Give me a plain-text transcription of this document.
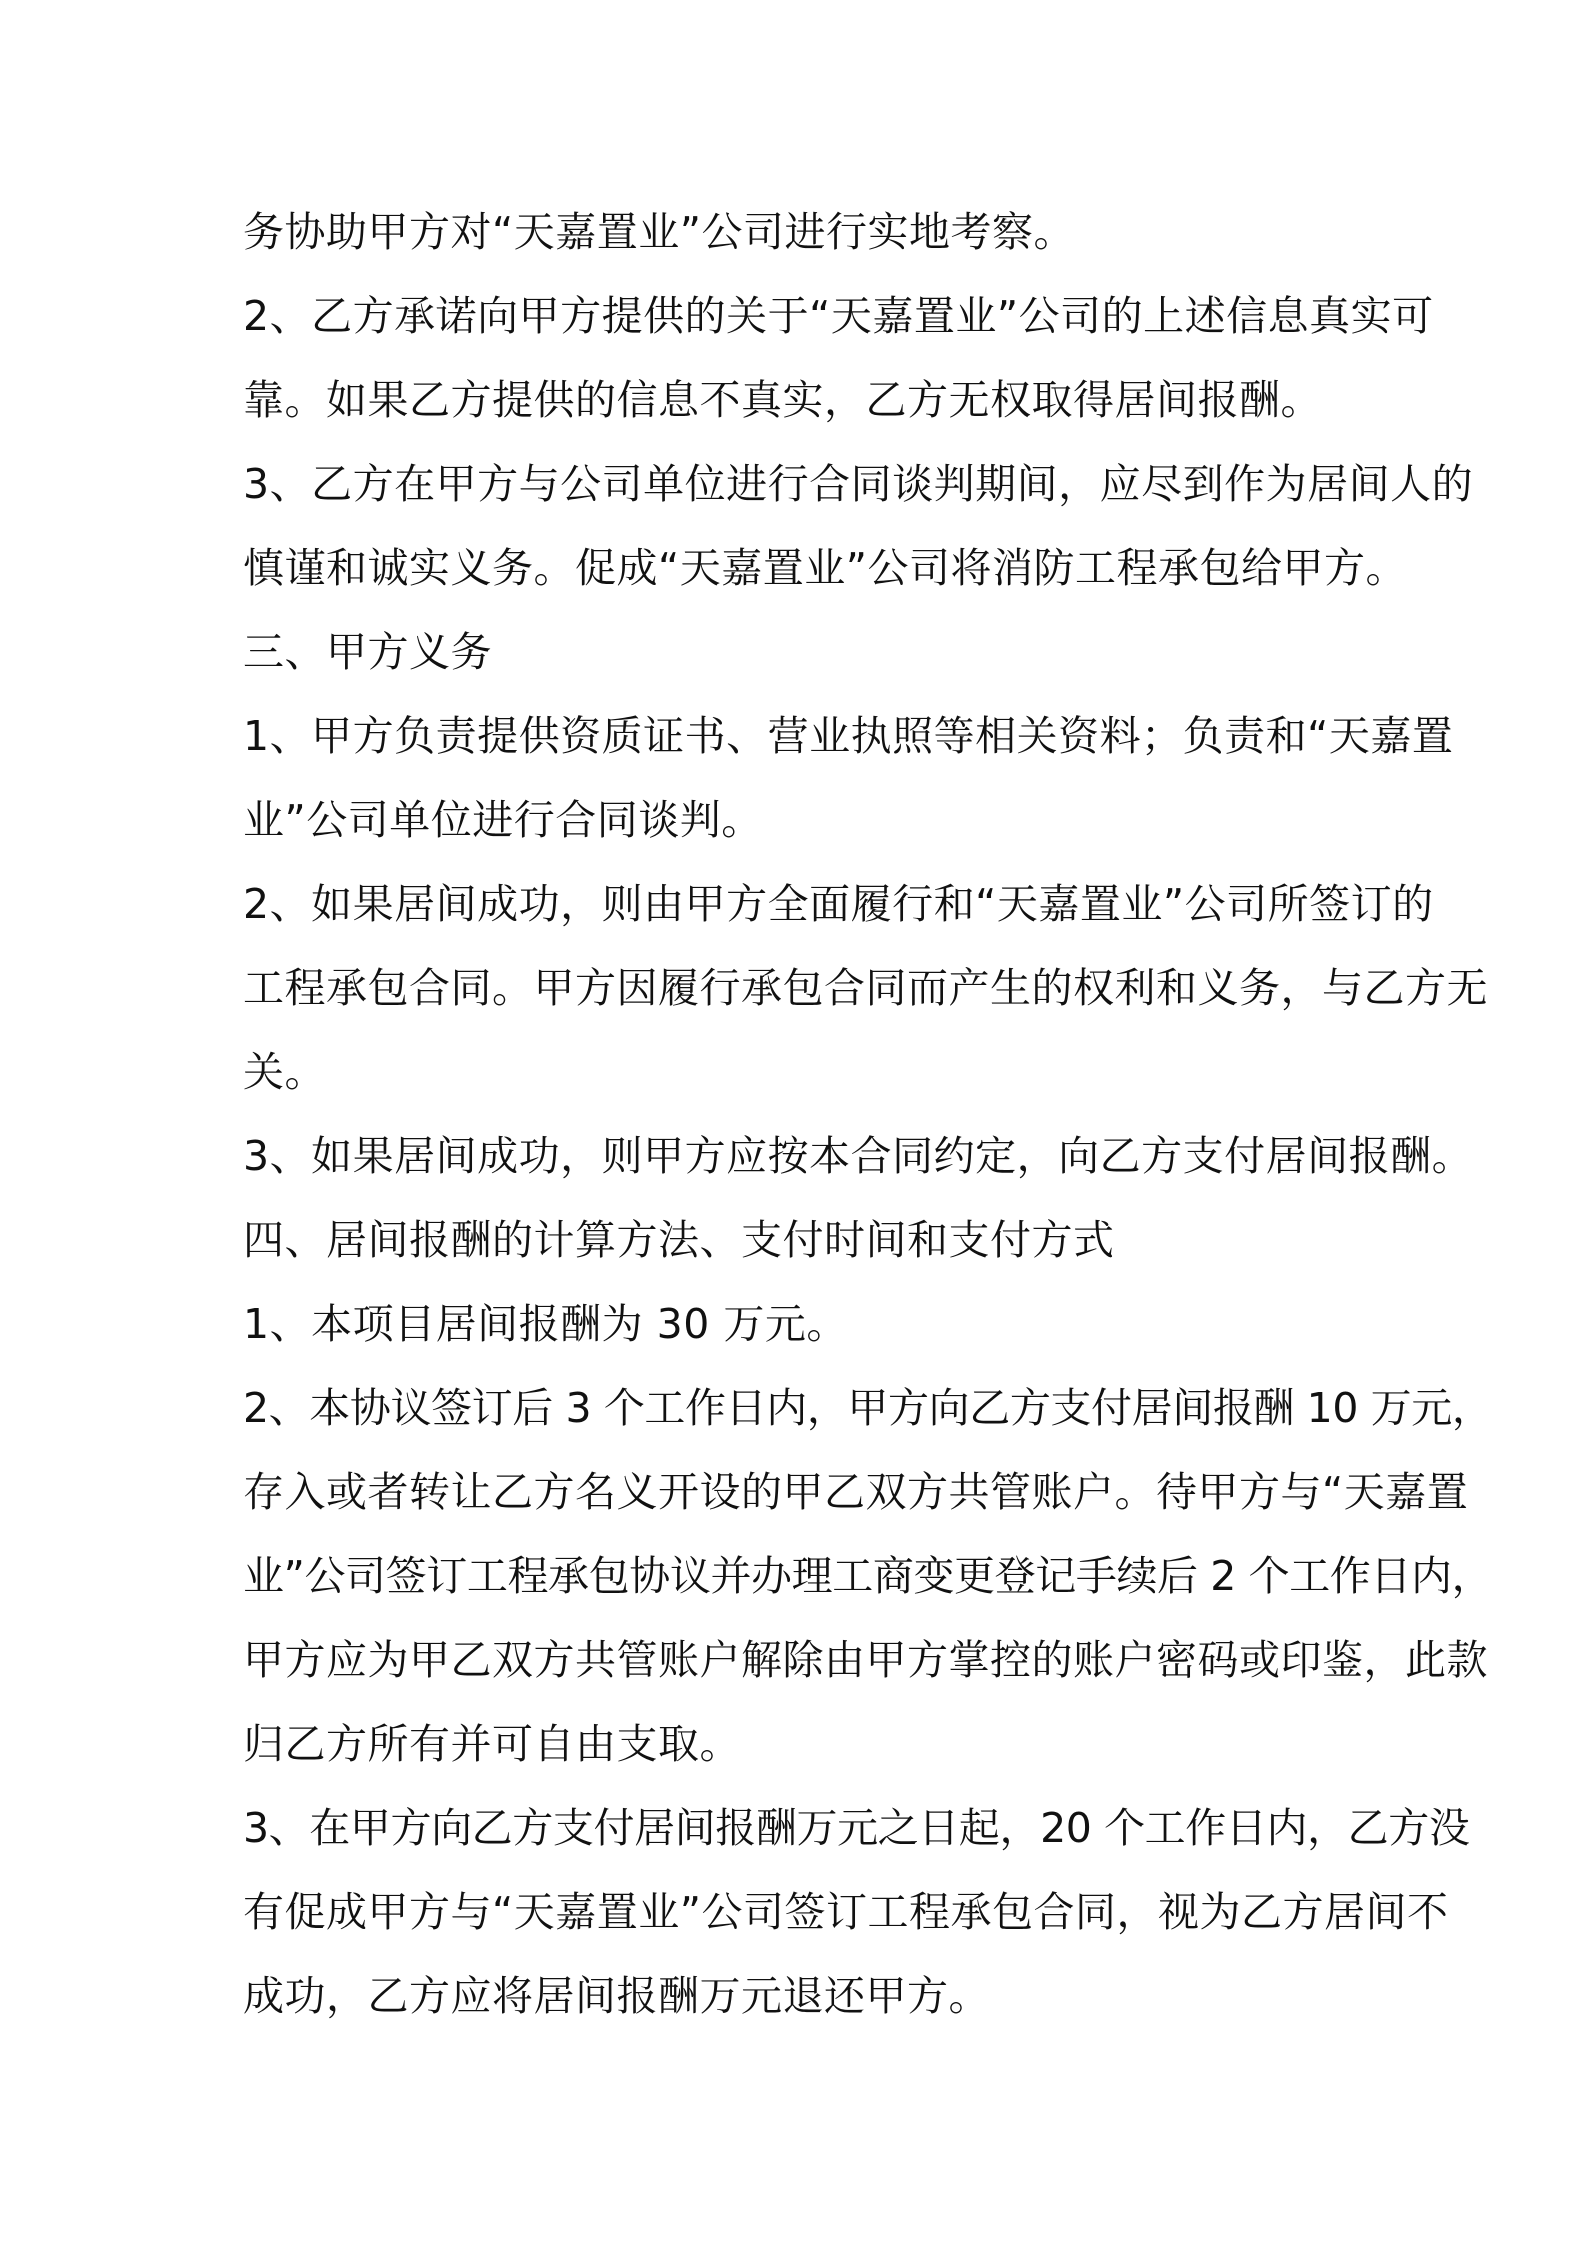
务协助甲方对“天嘉置业”公司进行实地考察。
2、乙方承诺向甲方提供的关于“天嘉置业”公司的上述信息真实可
靠。如果乙方提供的信息不真实，乙方无权取得居间报酬。
3、乙方在甲方与公司单位进行合同谈判期间，应尽到作为居间人的
慎谨和诚实义务。促成“天嘉置业”公司将消防工程承包给甲方。
三、甲方义务
1、甲方负责提供资质证书、营业执照等相关资料；负责和“天嘉置
业”公司单位进行合同谈判。
2、如果居间成功，则由甲方全面履行和“天嘉置业”公司所签订的
工程承包合同。甲方因履行承包合同而产生的权利和义务，与乙方无
关。
3、如果居间成功，则甲方应按本合同约定，向乙方支付居间报酬。
四、居间报酬的计算方法、支付时间和支付方式
1、本项目居间报酬为 30 万元。
2、本协议签订后 3 个工作日内，甲方向乙方支付居间报酬 10 万元，
存入或者转让乙方名义开设的甲乙双方共管账户。待甲方与“天嘉置
业”公司签订工程承包协议并办理工商变更登记手续后 2 个工作日内，
甲方应为甲乙双方共管账户解除由甲方掌控的账户密码或印鉴，此款
归乙方所有并可自由支取。
3、在甲方向乙方支付居间报酬万元之日起，20 个工作日内，乙方没
有促成甲方与“天嘉置业”公司签订工程承包合同，视为乙方居间不
成功，乙方应将居间报酬万元退还甲方。
